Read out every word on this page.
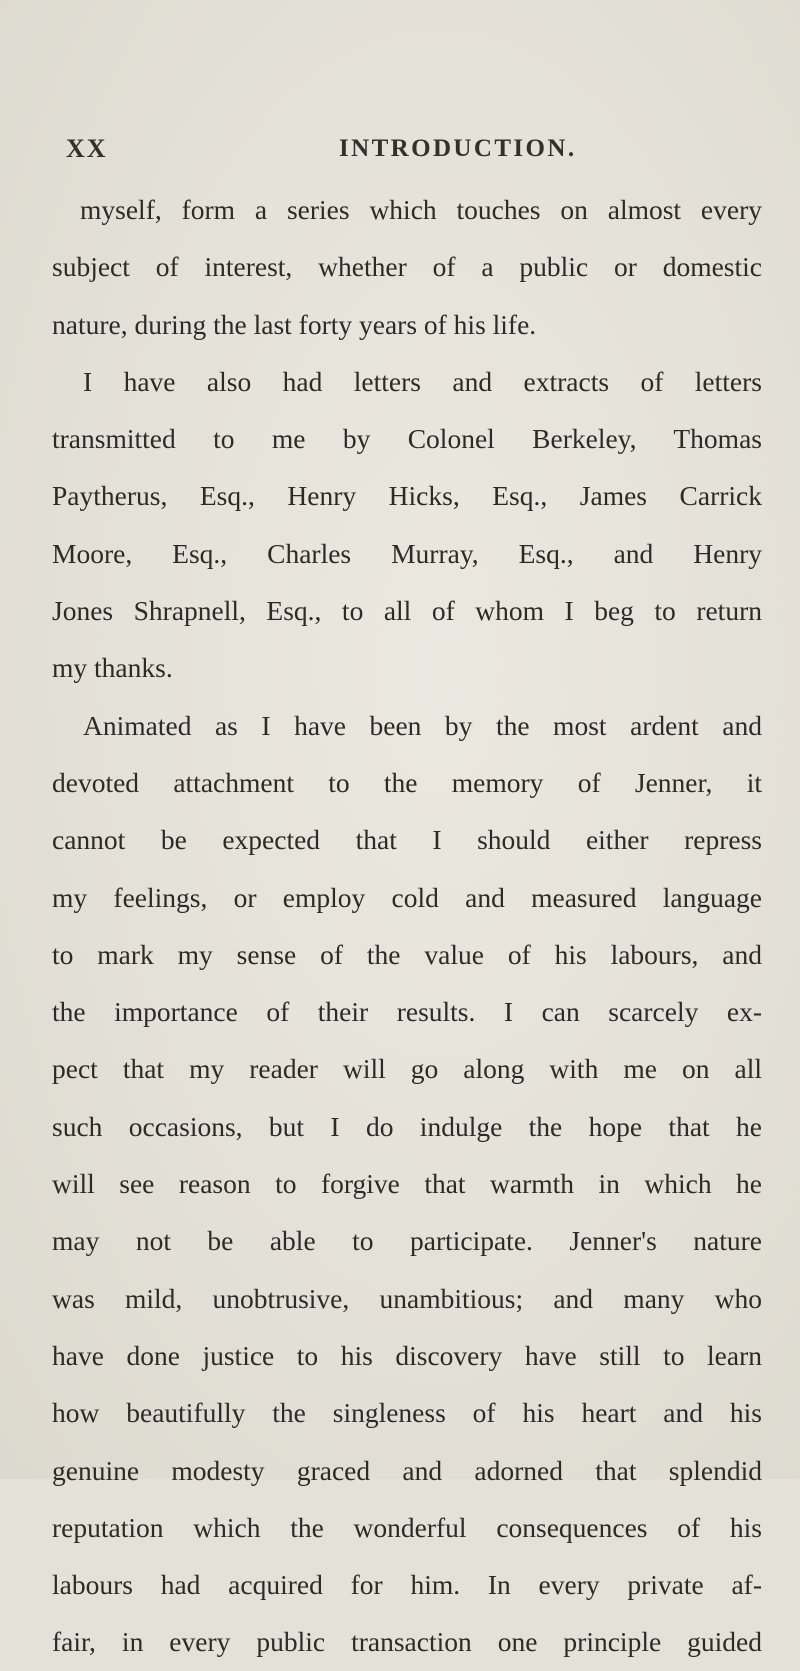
XX	INTRODUCTION.
myself, form a series which touches on almost every
subject of interest, whether of a public or domestic
nature, during the last forty years of his life.
I have also had letters and extracts of letters
transmitted to me by Colonel Berkeley, Thomas
Paytherus, Esq., Henry Hicks, Esq., James Carrick
Moore, Esq., Charles Murray, Esq., and Henry
Jones Shrapnell, Esq., to all of whom I beg to return
my thanks.
Animated as I have been by the most ardent and
devoted attachment to the memory of Jenner, it
cannot be expected that I should either repress
my feelings, or employ cold and measured language
to mark my sense of the value of his labours, and
the importance of their results. I can scarcely ex-
pect that my reader will go along with me on all
such occasions, but I do indulge the hope that he
will see reason to forgive that warmth in which he
may not be able to participate. Jenner's nature
was mild, unobtrusive, unambitious; and many who
have done justice to his discovery have still to learn
how beautifully the singleness of his heart and his
genuine modesty graced and adorned that splendid
reputation which the wonderful consequences of his
labours had acquired for him. In every private af-
fair, in every public transaction one principle guided
